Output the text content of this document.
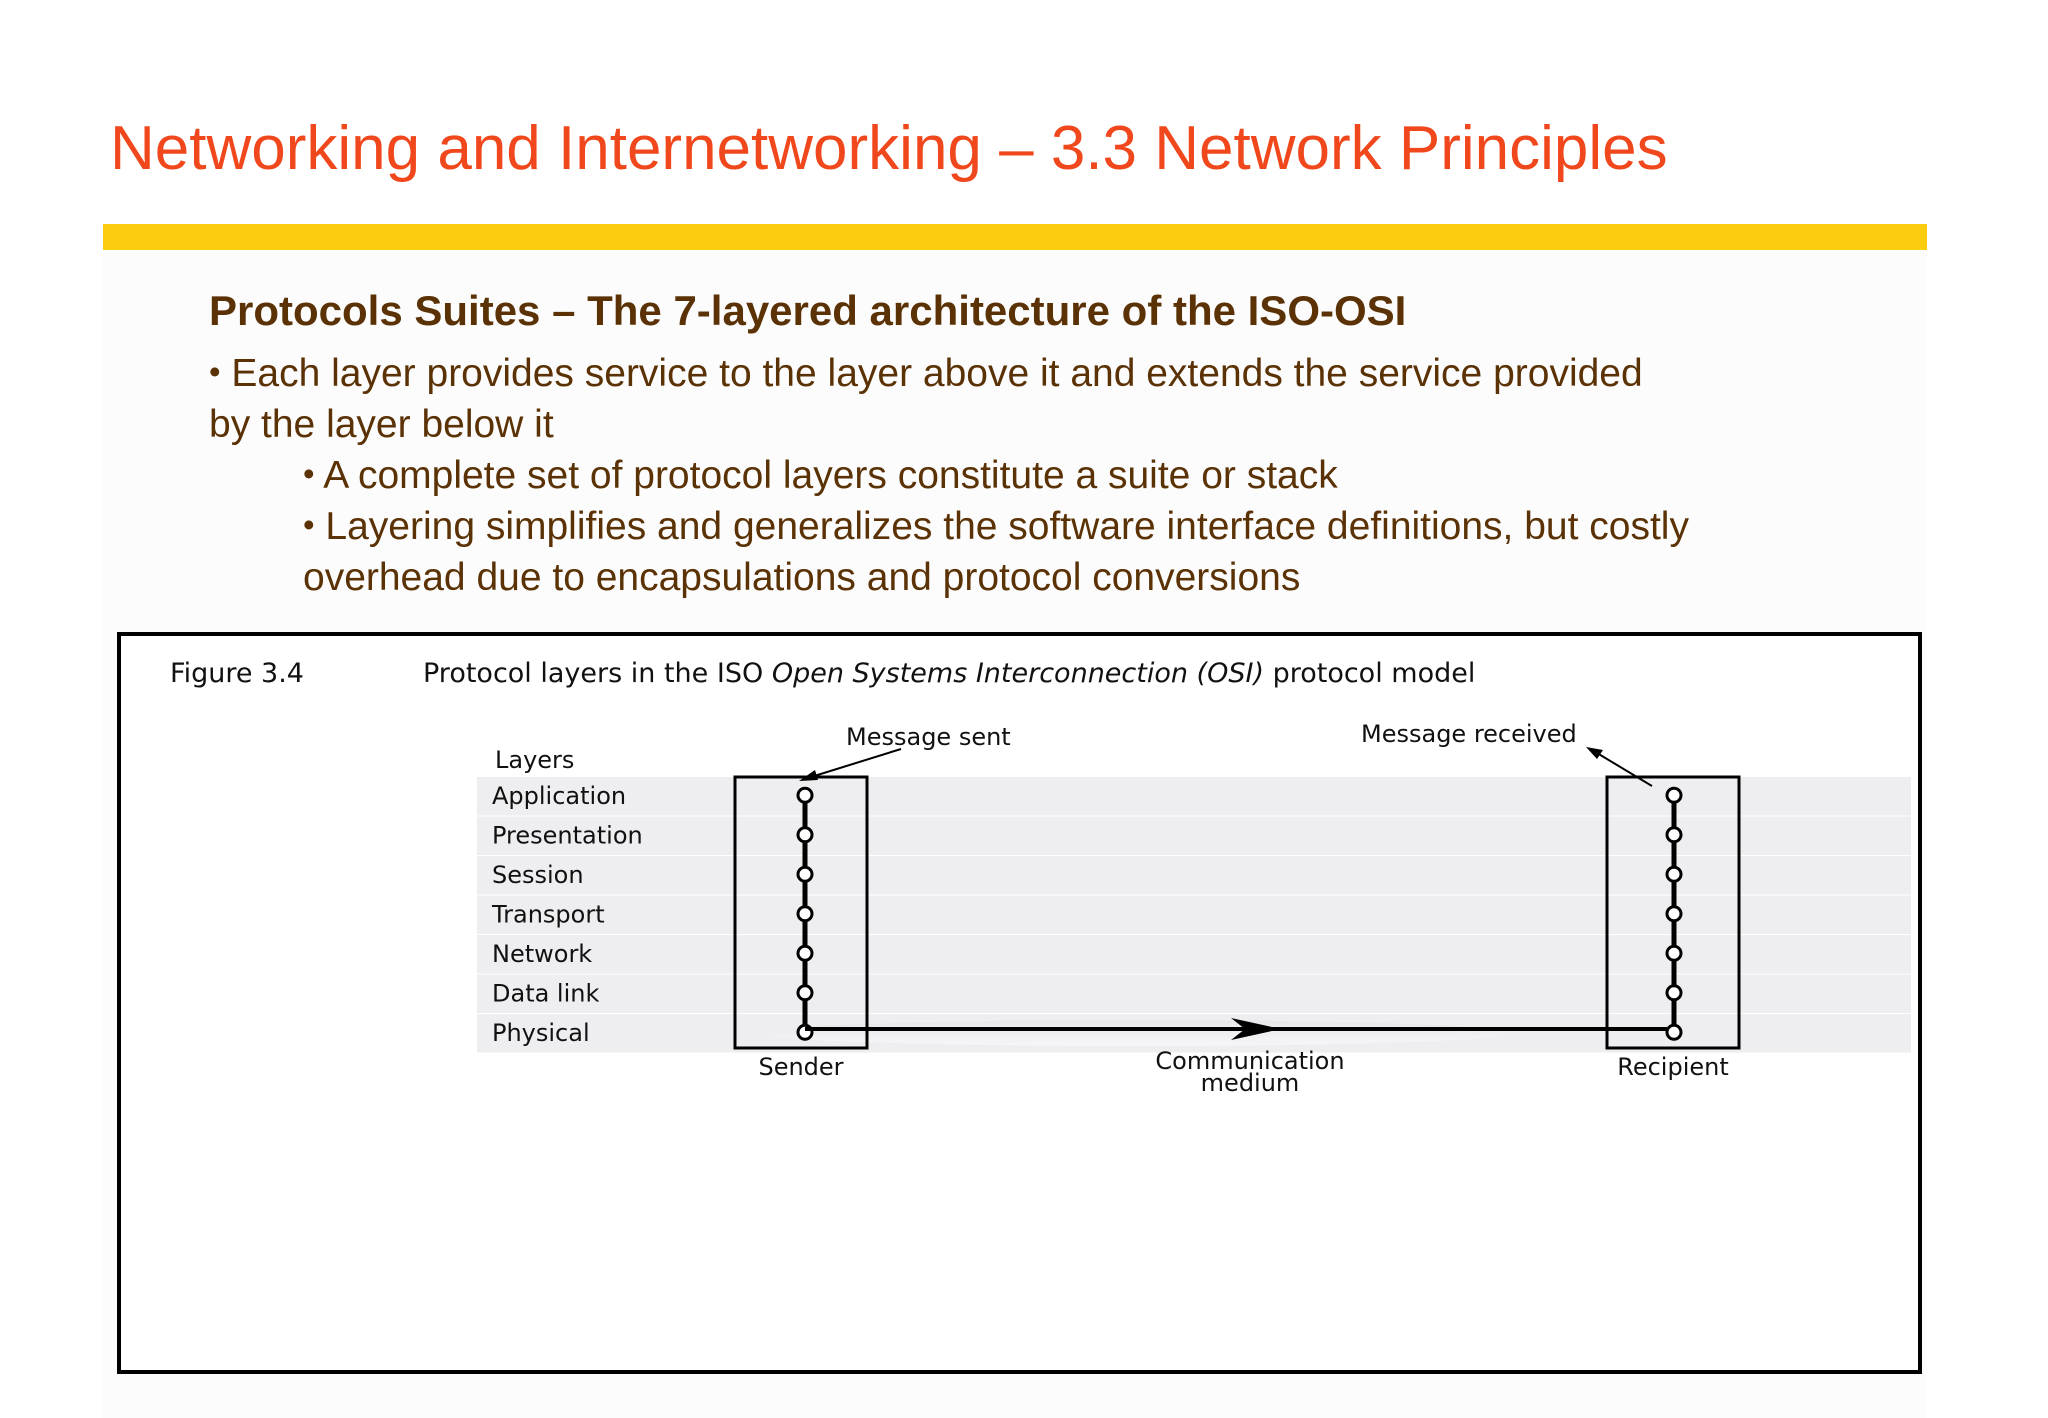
Networking and Internetworking – 3.3 Network Principles
Protocols Suites – The 7-layered architecture of the ISO-OSI
• Each layer provides service to the layer above it and extends the service provided by the layer below it
• A complete set of protocol layers constitute a suite or stack
• Layering simplifies and generalizes the software interface definitions, but costly overhead due to encapsulations and protocol conversions
Figure 3.4	Protocol layers in the ISO Open Systems Interconnection (OSI) protocol model
Layers
Application
Presentation
Session
Transport
Network
Data link
Physical
Message sent	Message received
Sender	Recipient
Communication
medium
